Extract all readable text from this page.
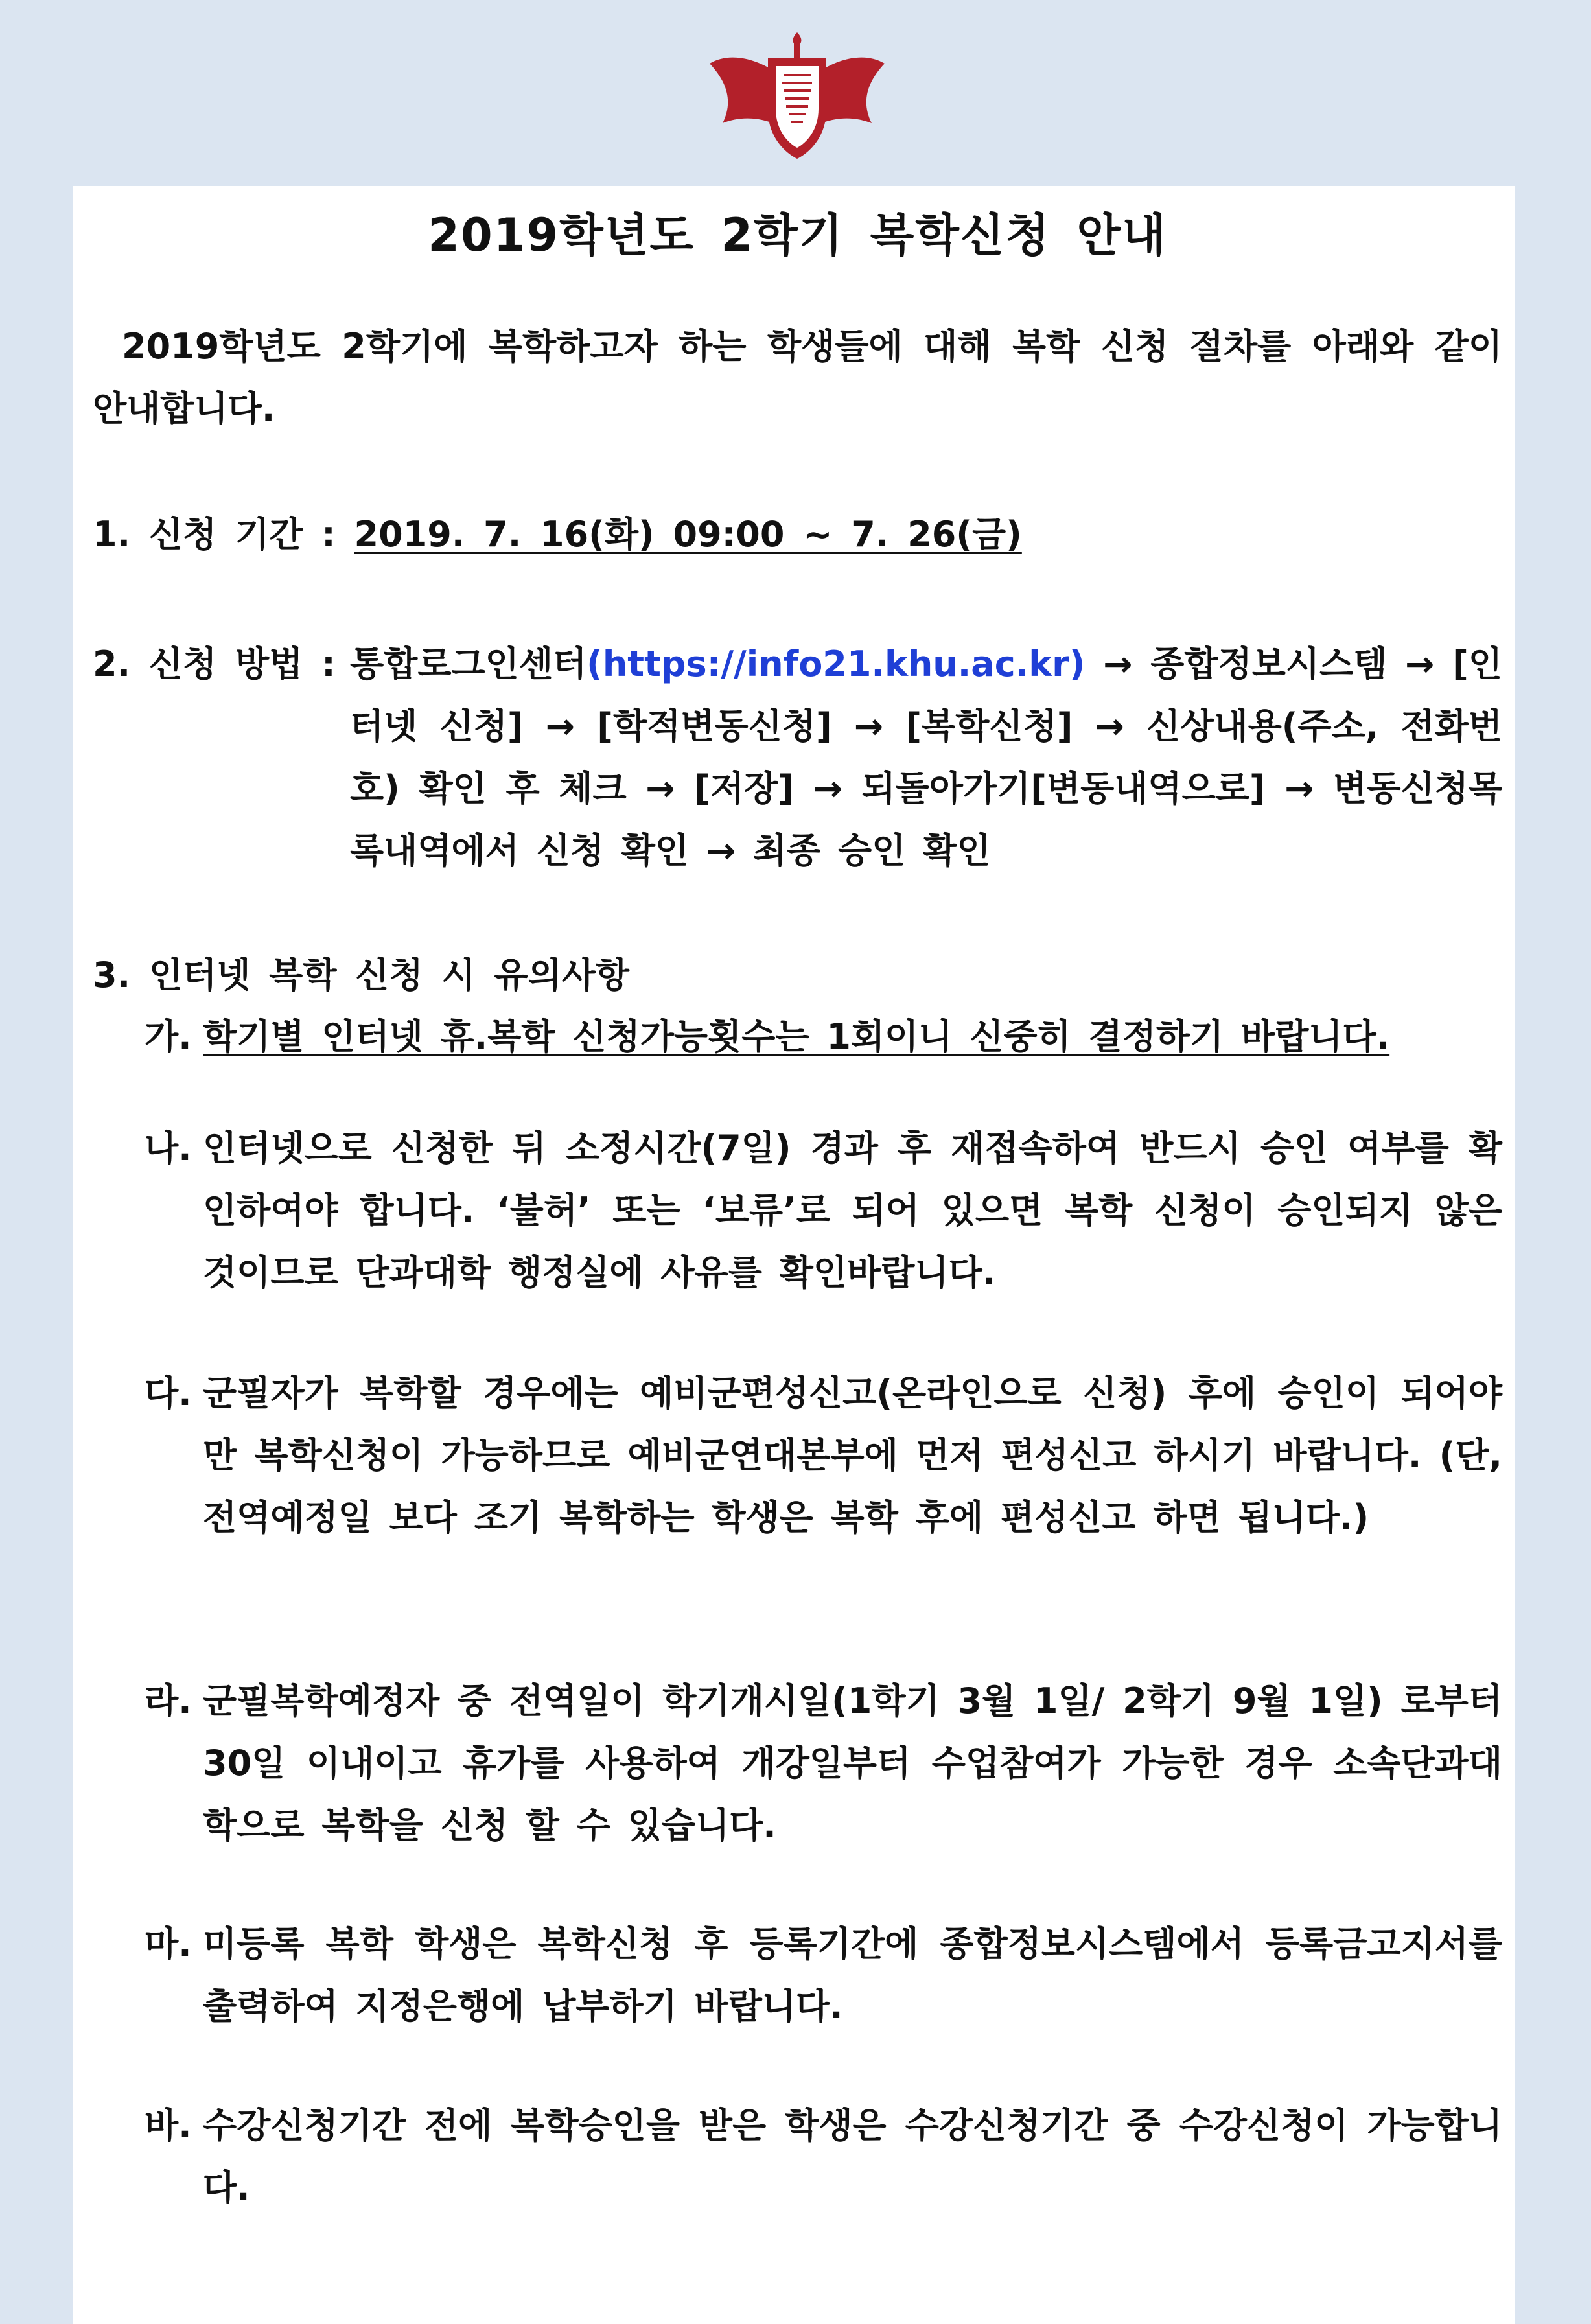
2019학년도 2학기 복학신청 안내
2019학년도 2학기에 복학하고자 하는 학생들에 대해 복학 신청 절차를 아래와 같이 안내합니다.
1. 신청 기간 : 2019. 7. 16(화) 09:00 ~ 7. 26(금)
2. 신청 방법 : 통합로그인센터(https://info21.khu.ac.kr) → 종합정보시스템 → [인터넷 신청] → [학적변동신청] → [복학신청] → 신상내용(주소, 전화번호) 확인 후 체크 → [저장] → 되돌아가기[변동내역으로] → 변동신청목록내역에서 신청 확인 → 최종 승인 확인
3. 인터넷 복학 신청 시 유의사항
가. 학기별 인터넷 휴.복학 신청가능횟수는 1회이니 신중히 결정하기 바랍니다.
나. 인터넷으로 신청한 뒤 소정시간(7일) 경과 후 재접속하여 반드시 승인 여부를 확인하여야 합니다. ‘불허’ 또는 ‘보류’로 되어 있으면 복학 신청이 승인되지 않은 것이므로 단과대학 행정실에 사유를 확인바랍니다.
다. 군필자가 복학할 경우에는 예비군편성신고(온라인으로 신청) 후에 승인이 되어야만 복학신청이 가능하므로 예비군연대본부에 먼저 편성신고 하시기 바랍니다. (단, 전역예정일 보다 조기 복학하는 학생은 복학 후에 편성신고 하면 됩니다.)
라. 군필복학예정자 중 전역일이 학기개시일(1학기 3월 1일/ 2학기 9월 1일) 로부터 30일 이내이고 휴가를 사용하여 개강일부터 수업참여가 가능한 경우 소속단과대학으로 복학을 신청 할 수 있습니다.
마. 미등록 복학 학생은 복학신청 후 등록기간에 종합정보시스템에서 등록금고지서를 출력하여 지정은행에 납부하기 바랍니다.
바. 수강신청기간 전에 복학승인을 받은 학생은 수강신청기간 중 수강신청이 가능합니다.
